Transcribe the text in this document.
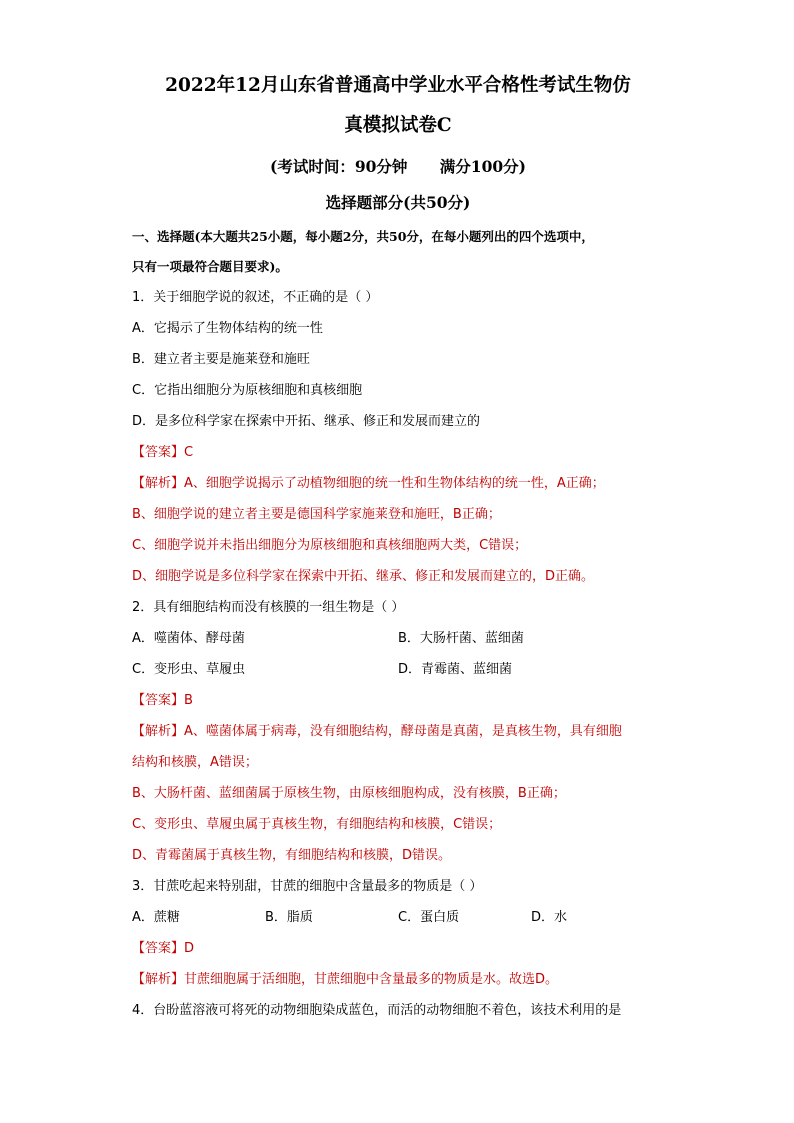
2022年12月山东省普通高中学业水平合格性考试生物仿
真模拟试卷C
(考试时间：90分钟      满分100分)
选择题部分(共50分)
一、选择题(本大题共25小题，每小题2分，共50分，在每小题列出的四个选项中，
只有一项最符合题目要求)。
1．关于细胞学说的叙述，不正确的是（ ）
A．它揭示了生物体结构的统一性
B．建立者主要是施莱登和施旺
C．它指出细胞分为原核细胞和真核细胞
D．是多位科学家在探索中开拓、继承、修正和发展而建立的
【答案】C
【解析】A、细胞学说揭示了动植物细胞的统一性和生物体结构的统一性，A正确；
B、细胞学说的建立者主要是德国科学家施莱登和施旺，B正确；
C、细胞学说并未指出细胞分为原核细胞和真核细胞两大类，C错误；
D、细胞学说是多位科学家在探索中开拓、继承、修正和发展而建立的，D正确。
2．具有细胞结构而没有核膜的一组生物是（ ）
A．噬菌体、酵母菌	B．大肠杆菌、蓝细菌
C．变形虫、草履虫	D．青霉菌、蓝细菌
【答案】B
【解析】A、噬菌体属于病毒，没有细胞结构，酵母菌是真菌，是真核生物，具有细胞
结构和核膜，A错误；
B、大肠杆菌、蓝细菌属于原核生物，由原核细胞构成，没有核膜，B正确；
C、变形虫、草履虫属于真核生物，有细胞结构和核膜，C错误；
D、青霉菌属于真核生物，有细胞结构和核膜，D错误。
3．甘蔗吃起来特别甜，甘蔗的细胞中含量最多的物质是（ ）
A．蔗糖	B．脂质	C．蛋白质	D．水
【答案】D
【解析】甘蔗细胞属于活细胞，甘蔗细胞中含量最多的物质是水。故选D。
4．台盼蓝溶液可将死的动物细胞染成蓝色，而活的动物细胞不着色，该技术利用的是
